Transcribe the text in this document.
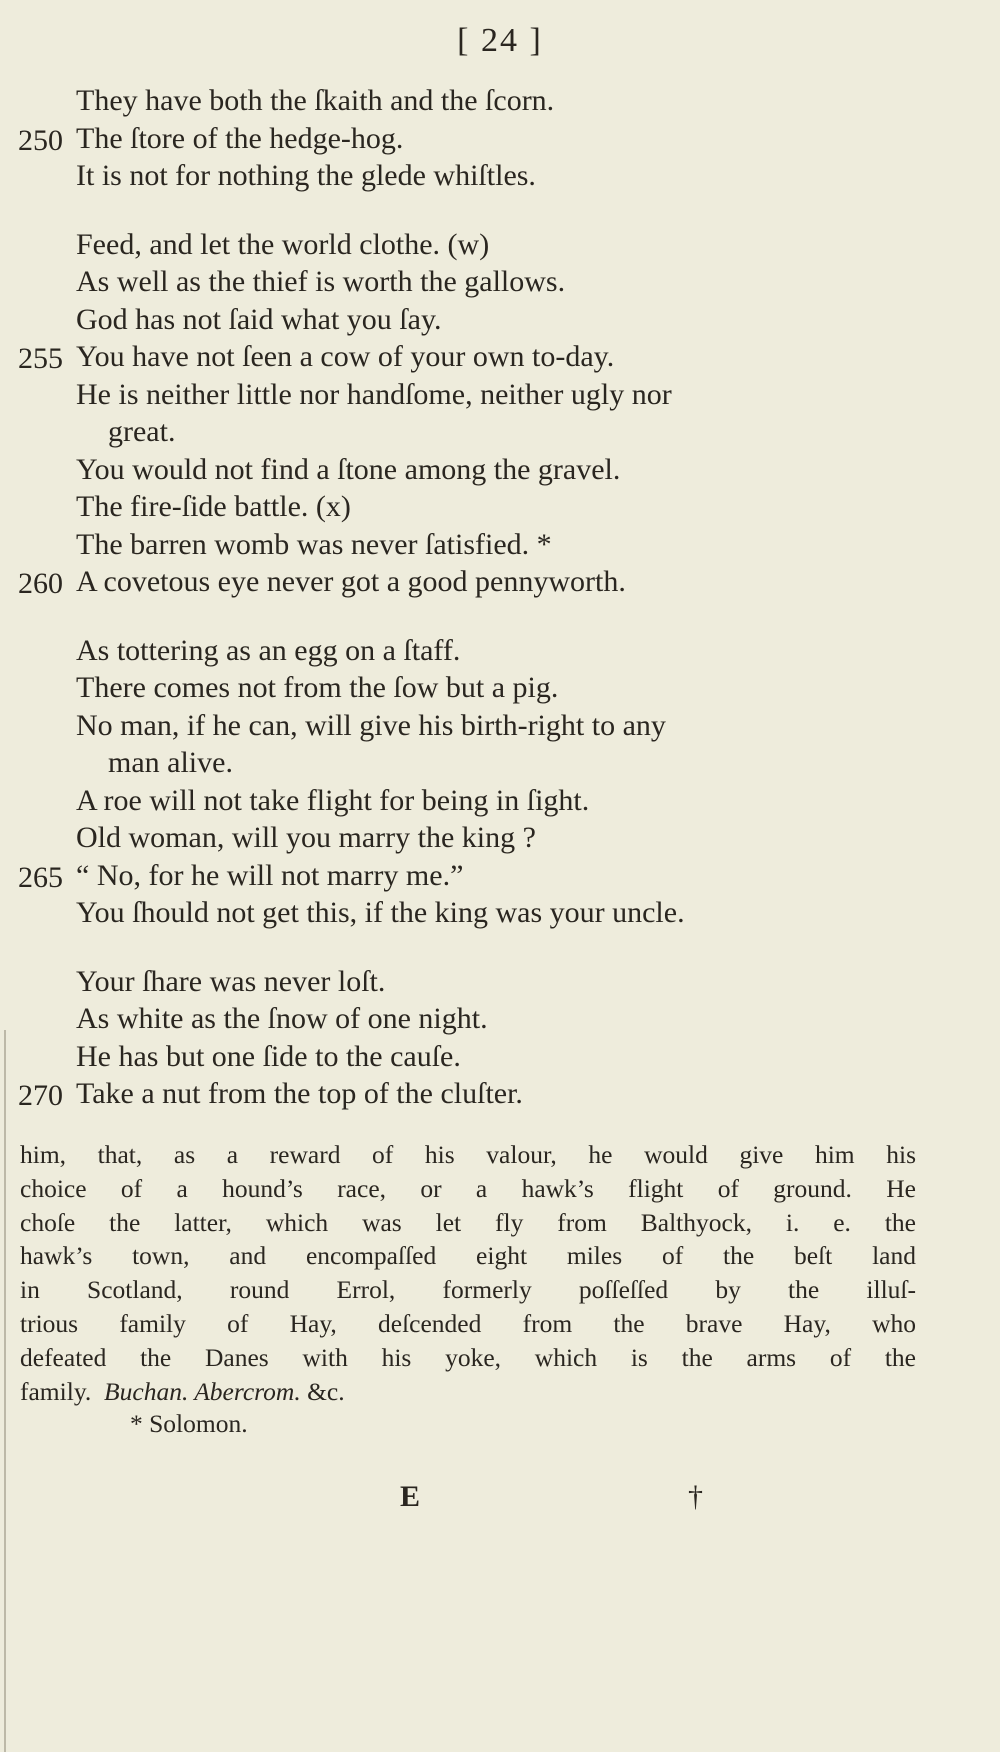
[ 24 ]
They have both the ſkaith and the ſcorn.
250 The ſtore of the hedge-hog.
It is not for nothing the glede whiſtles.
Feed, and let the world clothe. (w)
As well as the thief is worth the gallows.
God has not ſaid what you ſay.
255 You have not ſeen a cow of your own to-day.
He is neither little nor handſome, neither ugly nor
great.
You would not find a ſtone among the gravel.
The fire-ſide battle. (x)
The barren womb was never ſatisfied. *
260 A covetous eye never got a good pennyworth.
As tottering as an egg on a ſtaff.
There comes not from the ſow but a pig.
No man, if he can, will give his birth-right to any
man alive.
A roe will not take flight for being in ſight.
Old woman, will you marry the king ?
265 “ No, for he will not marry me.”
You ſhould not get this, if the king was your uncle.
Your ſhare was never loſt.
As white as the ſnow of one night.
He has but one ſide to the cauſe.
270 Take a nut from the top of the cluſter.
him, that, as a reward of his valour, he would give him his
choice of a hound’s race, or a hawk’s flight of ground. He
choſe the latter, which was let fly from Balthyock, i. e. the
hawk’s town, and encompaſſed eight miles of the beſt land
in Scotland, round Errol, formerly poſſeſſed by the illuſ-
trious family of Hay, deſcended from the brave Hay, who
defeated the Danes with his yoke, which is the arms of the
family. Buchan. Abercrom. &c.
* Solomon.
E	†
